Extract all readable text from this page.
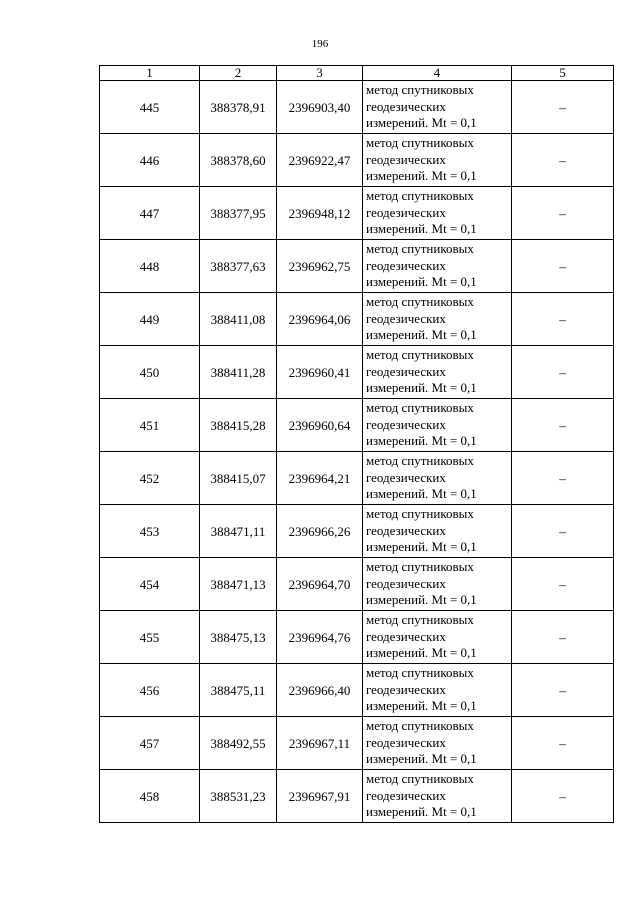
196
1	2	3	4	5
445	388378,91	2396903,40	метод спутниковых
геодезических
измерений. Mt = 0,1	–
446	388378,60	2396922,47	метод спутниковых
геодезических
измерений. Mt = 0,1	–
447	388377,95	2396948,12	метод спутниковых
геодезических
измерений. Mt = 0,1	–
448	388377,63	2396962,75	метод спутниковых
геодезических
измерений. Mt = 0,1	–
449	388411,08	2396964,06	метод спутниковых
геодезических
измерений. Mt = 0,1	–
450	388411,28	2396960,41	метод спутниковых
геодезических
измерений. Mt = 0,1	–
451	388415,28	2396960,64	метод спутниковых
геодезических
измерений. Mt = 0,1	–
452	388415,07	2396964,21	метод спутниковых
геодезических
измерений. Mt = 0,1	–
453	388471,11	2396966,26	метод спутниковых
геодезических
измерений. Mt = 0,1	–
454	388471,13	2396964,70	метод спутниковых
геодезических
измерений. Mt = 0,1	–
455	388475,13	2396964,76	метод спутниковых
геодезических
измерений. Mt = 0,1	–
456	388475,11	2396966,40	метод спутниковых
геодезических
измерений. Mt = 0,1	–
457	388492,55	2396967,11	метод спутниковых
геодезических
измерений. Mt = 0,1	–
458	388531,23	2396967,91	метод спутниковых
геодезических
измерений. Mt = 0,1	–
